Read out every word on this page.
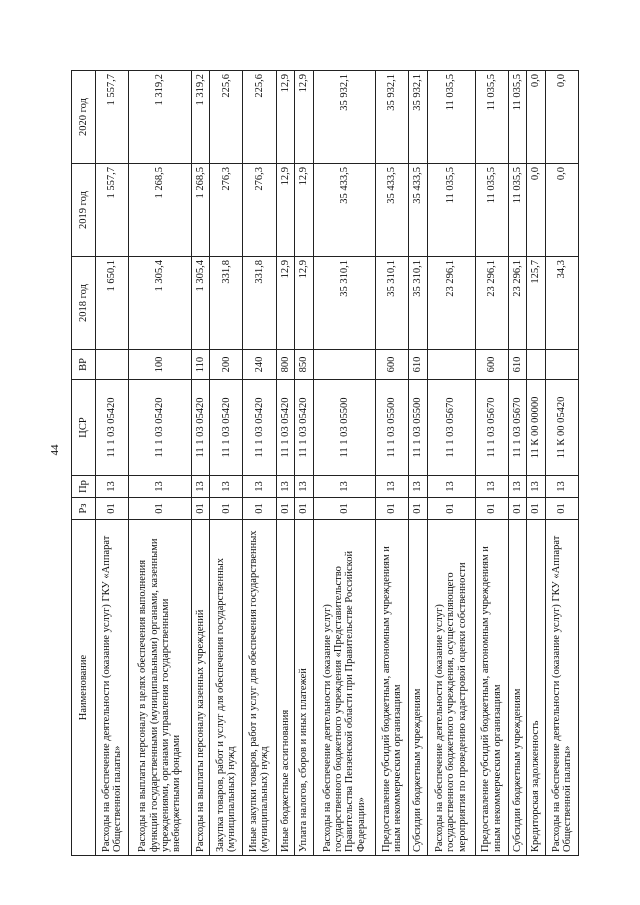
44
Наименование	Рз	Пр	ЦСР	ВР	2018 год	2019 год	2020 год
Расходы на обеспечение деятельности (оказание услуг) ГКУ «Аппарат Общественной палаты»	01	13	11 1 03 05420		1 650,1	1 557,7	1 557,7
Расходы на выплаты персоналу в целях обеспечения выполнения функций государственными (муниципальными) органами, казенными учреждениями, органами управления государственными внебюджетными фондами	01	13	11 1 03 05420	100	1 305,4	1 268,5	1 319,2
Расходы на выплаты персоналу казенных учреждений	01	13	11 1 03 05420	110	1 305,4	1 268,5	1 319,2
Закупка товаров, работ и услуг для обеспечения государственных (муниципальных) нужд	01	13	11 1 03 05420	200	331,8	276,3	225,6
Иные закупки товаров, работ и услуг для обеспечения государственных (муниципальных) нужд	01	13	11 1 03 05420	240	331,8	276,3	225,6
Иные бюджетные ассигнования	01	13	11 1 03 05420	800	12,9	12,9	12,9
Уплата налогов, сборов и иных платежей	01	13	11 1 03 05420	850	12,9	12,9	12,9
Расходы на обеспечение деятельности (оказание услуг) государственного бюджетного учреждения «Представительство Правительства Пензенской области при Правительстве Российской Федерации»	01	13	11 1 03 05500		35 310,1	35 433,5	35 932,1
Предоставление субсидий бюджетным, автономным учреждениям и иным некоммерческим организациям	01	13	11 1 03 05500	600	35 310,1	35 433,5	35 932,1
Субсидии бюджетным учреждениям	01	13	11 1 03 05500	610	35 310,1	35 433,5	35 932,1
Расходы на обеспечение деятельности (оказание услуг) государственного бюджетного учреждения, осуществляющего мероприятия по проведению кадастровой оценки собственности	01	13	11 1 03 05670		23 296,1	11 035,5	11 035,5
Предоставление субсидий бюджетным, автономным учреждениям и иным некоммерческим организациям	01	13	11 1 03 05670	600	23 296,1	11 035,5	11 035,5
Субсидии бюджетным учреждениям	01	13	11 1 03 05670	610	23 296,1	11 035,5	11 035,5
Кредиторская задолженность	01	13	11 К 00 00000		125,7	0,0	0,0
Расходы на обеспечение деятельности (оказание услуг) ГКУ «Аппарат Общественной палаты»	01	13	11 К 00 05420		34,3	0,0	0,0
